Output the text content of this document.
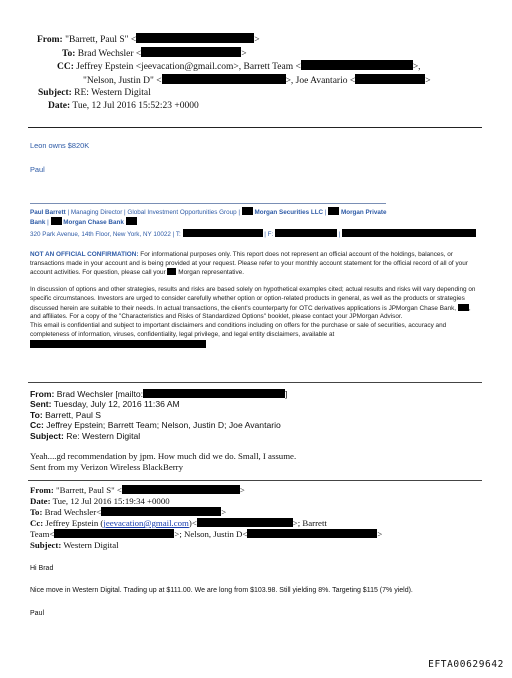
From: "Barrett, Paul S" <	>
To: Brad Wechsler <	>
CC: Jeffrey Epstein <jeevacation@gmail.com>, Barrett Team <	>,
"Nelson, Justin D" <	>, Joe Avantario <	>
Subject: RE: Western Digital
Date: Tue, 12 Jul 2016 15:52:23 +0000
Leon owns $820K
Paul
Paul Barrett | Managing Director | Global Investment Opportunities Group |  Morgan Securities LLC |  Morgan Private
Bank |  Morgan Chase Bank
320 Park Avenue, 14th Floor, New York, NY 10022 | T:	| F:	|
NOT AN OFFICIAL CONFIRMATION: For informational purposes only. This report does not represent an official account of the holdings, balances, or transactions made in your account and is being provided at your request. Please refer to your monthly account statement for the official record of all of your account activities. For question, please call your Morgan representative.
In discussion of options and other strategies, results and risks are based solely on hypothetical examples cited; actual results and risks will vary depending on specific circumstances. Investors are urged to consider carefully whether option or option-related products in general, as well as the products or strategies discussed herein are suitable to their needs. In actual transactions, the client's counterparty for OTC derivatives applications is JPMorgan Chase Bank, , and affiliates. For a copy of the "Characteristics and Risks of Standardized Options" booklet, please contact your JPMorgan Advisor.
This email is confidential and subject to important disclaimers and conditions including on offers for the purchase or sale of securities, accuracy and completeness of information, viruses, confidentiality, legal privilege, and legal entity disclaimers, available at
From: Brad Wechsler [mailto:	]
Sent: Tuesday, July 12, 2016 11:36 AM
To: Barrett, Paul S
Cc: Jeffrey Epstein; Barrett Team; Nelson, Justin D; Joe Avantario
Subject: Re: Western Digital
Yeah....gd recommendation by jpm. How much did we do. Small, I assume.
Sent from my Verizon Wireless BlackBerry
From: "Barrett, Paul S" <	>
Date: Tue, 12 Jul 2016 15:19:34 +0000
To: Brad Wechsler<	>
Cc: Jeffrey Epstein (jeevacation@gmail.com)<	>; Barrett
Team<	>; Nelson, Justin D<	>
Subject: Western Digital
Hi Brad
Nice move in Western Digital. Trading up at $111.00. We are long from $103.98. Still yielding 8%. Targeting $115 (7% yield).
Paul
EFTA00629642
